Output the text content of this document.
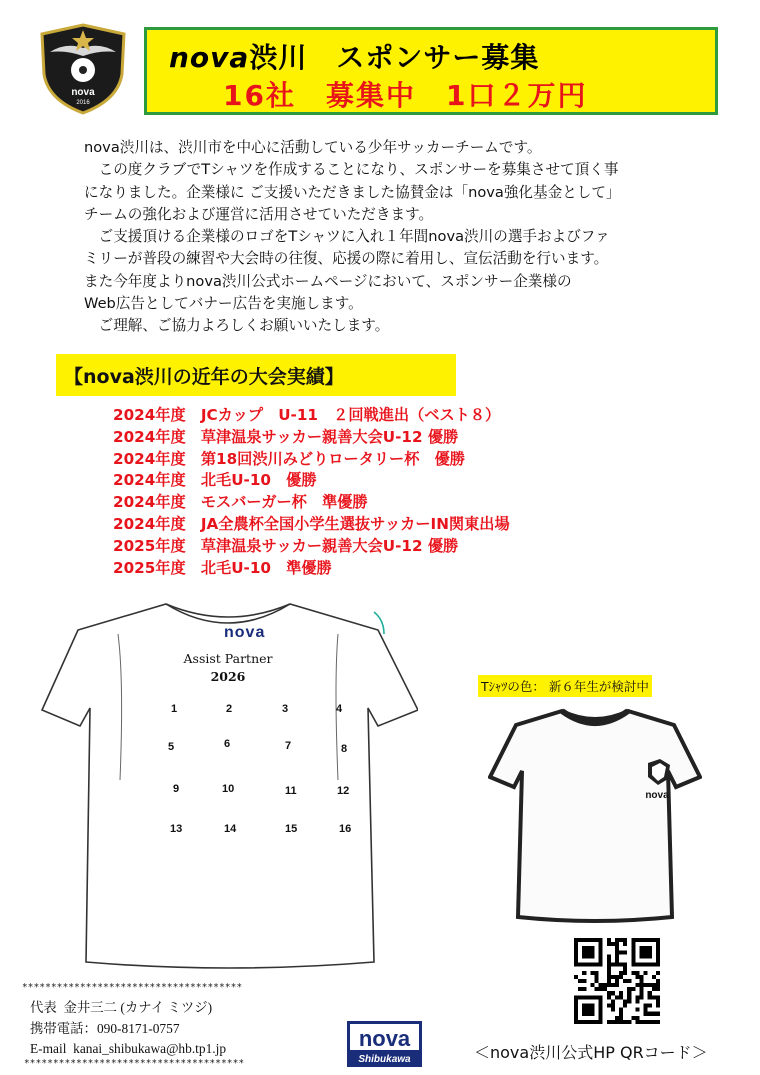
nova
2016
nova渋川　スポンサー募集
16社　募集中　1口２万円

nova渋川は、渋川市を中心に活動している少年サッカーチームです。

　この度クラブでTシャツを作成することになり、スポンサーを募集させて頂く事

になりました。企業様に ご支援いただきました協賛金は「nova強化基金として」

チームの強化および運営に活用させていただきます。

　ご支援頂ける企業様のロゴをTシャツに入れ１年間nova渋川の選手およびファ

ミリーが普段の練習や大会時の往復、応援の際に着用し、宣伝活動を行います。

また今年度よりnova渋川公式ホームページにおいて、スポンサー企業様の

Web広告としてバナー広告を実施します。

　ご理解、ご協力よろしくお願いいたします。

【nova渋川の近年の大会実績】
2024年度　JCカップ　U-11　２回戦進出（ベスト８）
2024年度　草津温泉サッカー親善大会U-12 優勝
2024年度　第18回渋川みどりロータリー杯　優勝
2024年度　北毛U-10　優勝
2024年度　モスバーガー杯　準優勝
2024年度　JA全農杯全国小学生選抜サッカーIN関東出場
2025年度　草津温泉サッカー親善大会U-12 優勝
2025年度　北毛U-10　準優勝
nova
Assist Partner
2026
1	2	3	4
5	6	7	8
9	10	11	12
13	14	15	16
Tｼｬﾂの色： 新６年生が検討中
nova
＜nova渋川公式HP QRコード＞
**************************************
代表  金井三二 (カナイ ミツジ)
携帯電話：090-8171-0757
E-mail  kanai_shibukawa@hb.tp1.jp
**************************************
nova
Shibukawa
